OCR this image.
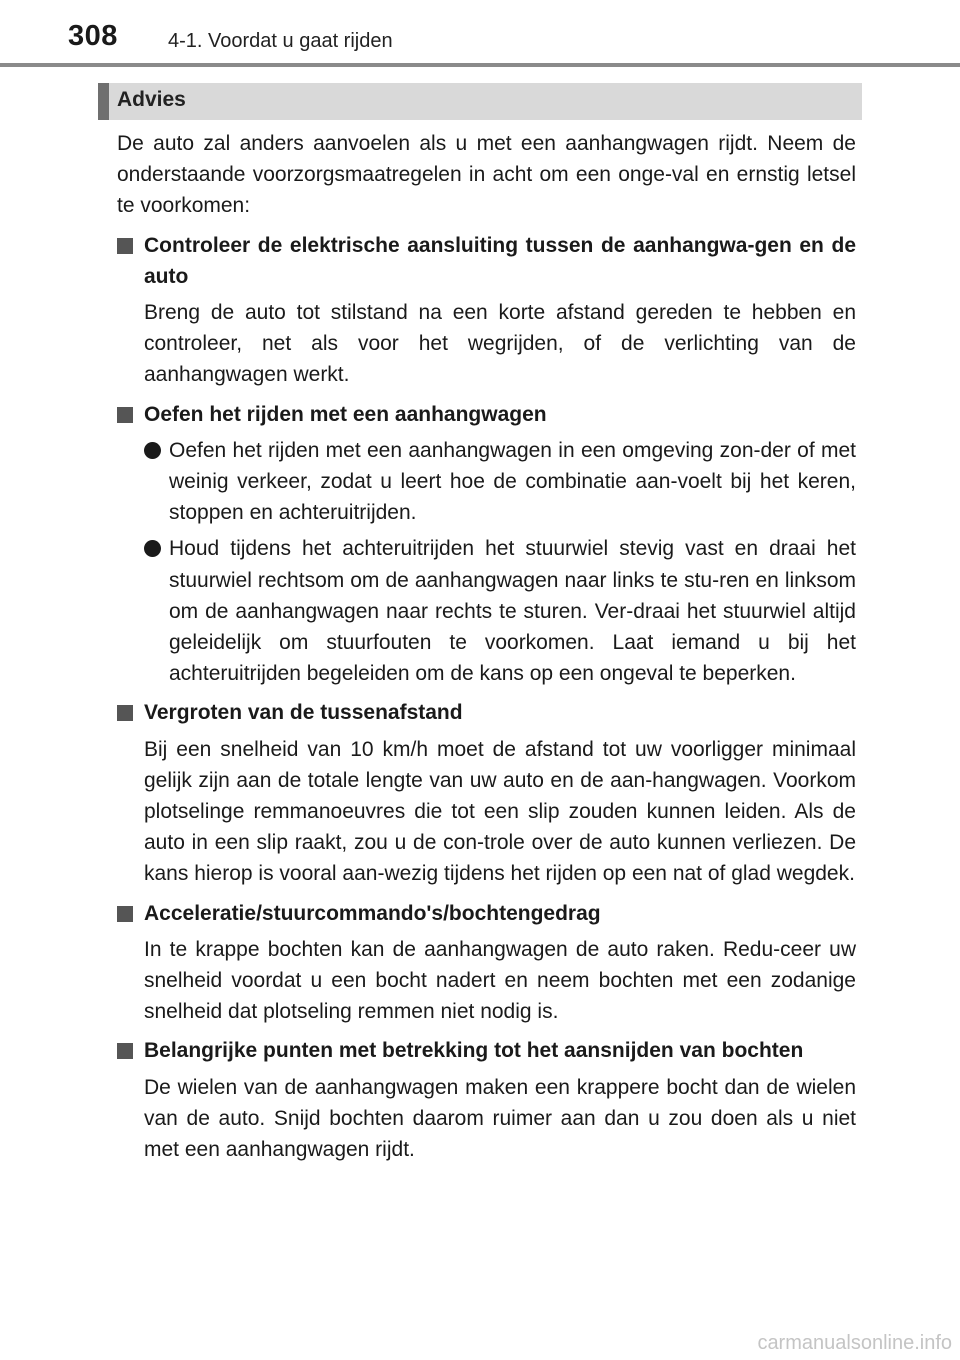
308	4-1. Voordat u gaat rijden
Advies

De auto zal anders aanvoelen als u met een aanhangwagen rijdt. Neem de onderstaande voorzorgsmaatregelen in acht om een onge-val en ernstig letsel te voorkomen:

Controleer de elektrische aansluiting tussen de aanhangwa-gen en de auto

Breng de auto tot stilstand na een korte afstand gereden te hebben en controleer, net als voor het wegrijden, of de verlichting van de aanhangwagen werkt.

Oefen het rijden met een aanhangwagen
Oefen het rijden met een aanhangwagen in een omgeving zon-der of met weinig verkeer, zodat u leert hoe de combinatie aan-voelt bij het keren, stoppen en achteruitrijden.
Houd tijdens het achteruitrijden het stuurwiel stevig vast en draai het stuurwiel rechtsom om de aanhangwagen naar links te stu-ren en linksom om de aanhangwagen naar rechts te sturen. Ver-draai het stuurwiel altijd geleidelijk om stuurfouten te voorkomen. Laat iemand u bij het achteruitrijden begeleiden om de kans op een ongeval te beperken.
Vergroten van de tussenafstand

Bij een snelheid van 10 km/h moet de afstand tot uw voorligger minimaal gelijk zijn aan de totale lengte van uw auto en de aan-hangwagen. Voorkom plotselinge remmanoeuvres die tot een slip zouden kunnen leiden. Als de auto in een slip raakt, zou u de con-trole over de auto kunnen verliezen. De kans hierop is vooral aan-wezig tijdens het rijden op een nat of glad wegdek.

Acceleratie/stuurcommando's/bochtengedrag

In te krappe bochten kan de aanhangwagen de auto raken. Redu-ceer uw snelheid voordat u een bocht nadert en neem bochten met een zodanige snelheid dat plotseling remmen niet nodig is.

Belangrijke punten met betrekking tot het aansnijden van bochten

De wielen van de aanhangwagen maken een krappere bocht dan de wielen van de auto. Snijd bochten daarom ruimer aan dan u zou doen als u niet met een aanhangwagen rijdt.

carmanualsonline.info
